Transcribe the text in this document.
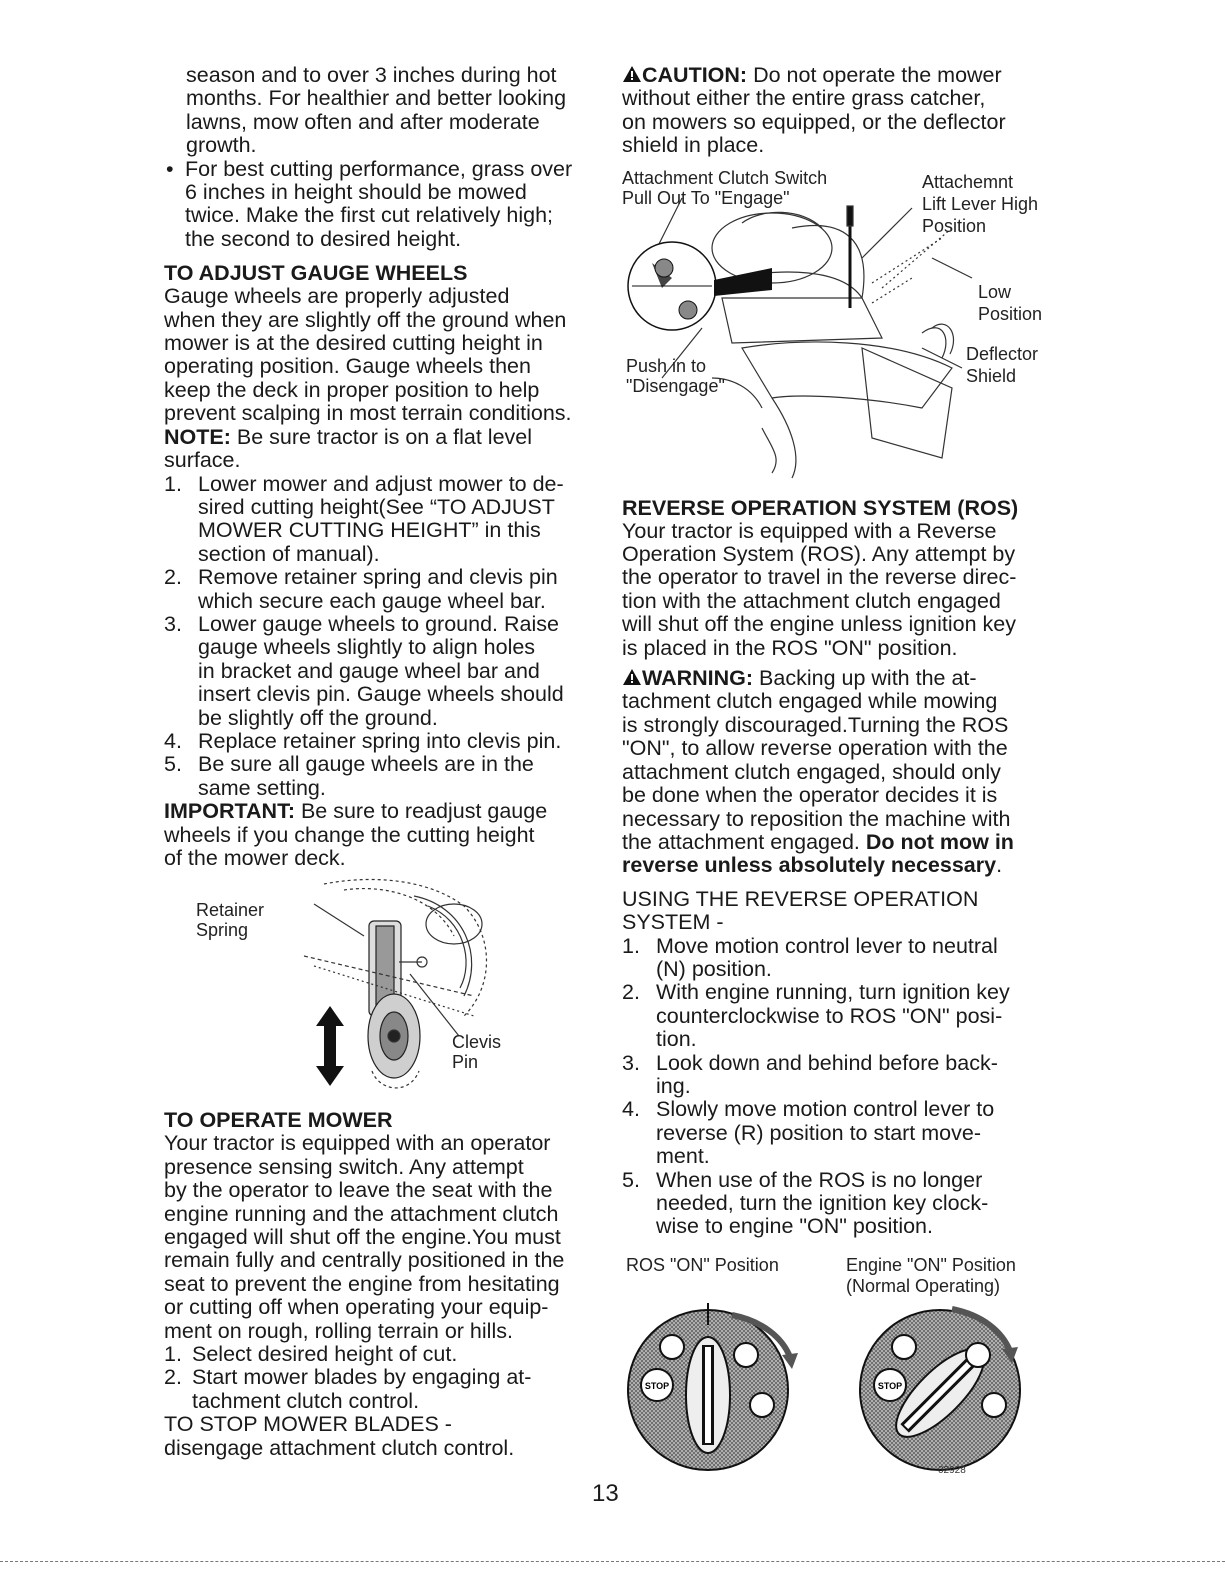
season and to over 3 inches during hot

months. For healthier and better looking

lawns, mow often and after moderate

growth.

• For best cutting performance, grass over

6 inches in height should be mowed

twice. Make the first cut relatively high;

the second to desired height.

TO ADJUST GAUGE WHEELS

Gauge wheels are properly adjusted

when they are slightly off the ground when

mower is at the desired cutting height in

operating position. Gauge wheels then

keep the deck in proper position to help

prevent scalping in most terrain conditions.

NOTE: Be sure tractor is on a flat level

surface.

1. Lower mower and adjust mower to de-

sired cutting height(See “TO ADJUST

MOWER CUTTING HEIGHT” in this

section of manual).

2. Remove retainer spring and clevis pin

which secure each gauge wheel bar.

3. Lower gauge wheels to ground. Raise

gauge wheels slightly to align holes

in bracket and gauge wheel bar and

insert clevis pin. Gauge wheels should

be slightly off the ground.

4. Replace retainer spring into clevis pin.

5. Be sure all gauge wheels are in the

same setting.

IMPORTANT: Be sure to readjust gauge

wheels if you change the cutting height

of the mower deck.

Retainer
Spring
Clevis
Pin
TO OPERATE MOWER

Your tractor is equipped with an operator

presence sensing switch. Any attempt

by the operator to leave the seat with the

engine running and the attachment clutch

engaged will shut off the engine.You must

remain fully and centrally positioned in the

seat to prevent the engine from hesitating

or cutting off when operating your equip-

ment on rough, rolling terrain or hills.

1. Select desired height of cut.

2. Start mower blades by engaging at-

tachment clutch control.

TO STOP MOWER BLADES -

disengage attachment clutch control.

CAUTION: Do not operate the mower

without either the entire grass catcher,

on mowers so equipped, or the deflector

shield in place.

Attachment Clutch Switch
Pull Out To "Engage"
Attachemnt
Lift Lever High
Position
Low
Position
Push in to
"Disengage"
Deflector
Shield
REVERSE OPERATION SYSTEM (ROS)

Your tractor is equipped with a Reverse

Operation System (ROS). Any attempt by

the operator to travel in the reverse direc-

tion with the attachment clutch engaged

will shut off the engine unless ignition key

is placed in the ROS "ON" position.

WARNING: Backing up with the at-

tachment clutch engaged while mowing

is strongly discouraged.Turning the ROS

"ON", to allow reverse operation with the

attachment clutch engaged, should only

be done when the operator decides it is

necessary to reposition the machine with

the attachment engaged. Do not mow in

reverse unless absolutely necessary.

USING THE REVERSE OPERATION

SYSTEM -

1. Move motion control lever to neutral

(N) position.

2. With engine running, turn ignition key

counterclockwise to ROS "ON" posi-

tion.

3. Look down and behind before back-

ing.

4. Slowly move motion control lever to

reverse (R) position to start move-

ment.

5. When use of the ROS is no longer

needed, turn the ignition key clock-

wise to engine "ON" position.

ROS "ON" Position	Engine "ON" Position
(Normal Operating)
STOP	STOP
02928
13
